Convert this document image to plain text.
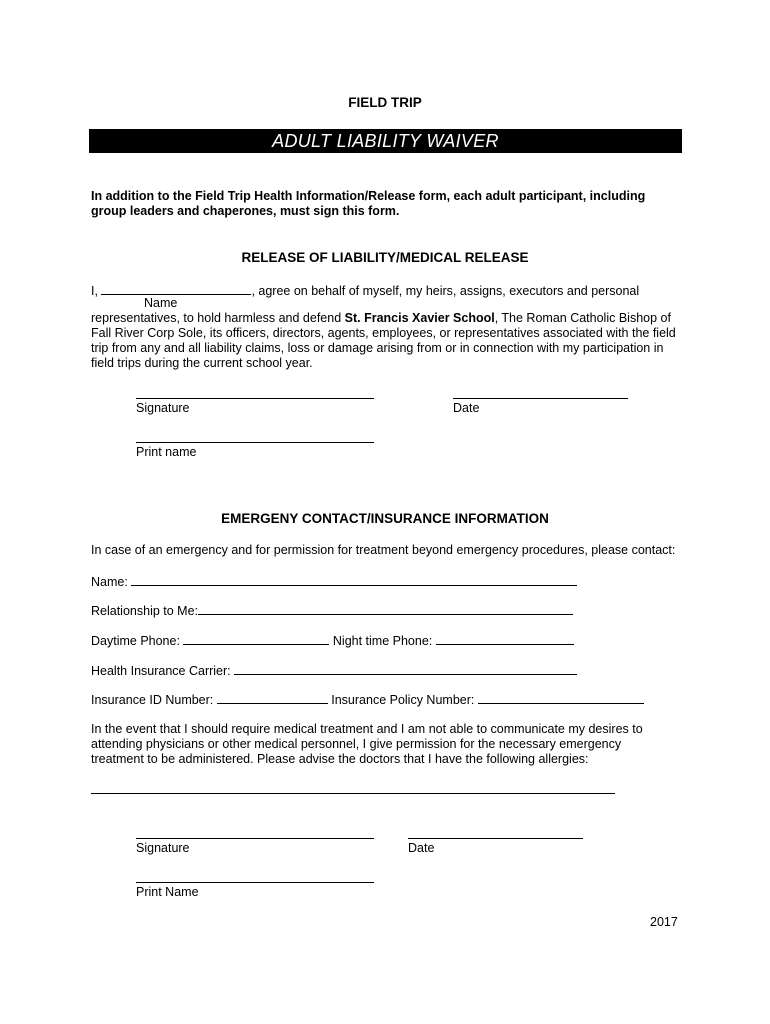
FIELD TRIP
ADULT LIABILITY WAIVER
In addition to the Field Trip Health Information/Release form, each adult participant, including
group leaders and chaperones, must sign this form.
RELEASE OF LIABILITY/MEDICAL RELEASE
I,	, agree on behalf of myself, my heirs, assigns, executors and personal
Name
representatives, to hold harmless and defend St. Francis Xavier School, The Roman Catholic Bishop of
Fall River Corp Sole, its officers, directors, agents, employees, or representatives associated with the field
trip from any and all liability claims, loss or damage arising from or in connection with my participation in
field trips during the current school year.
Signature	Date
Print name
EMERGENY CONTACT/INSURANCE INFORMATION
In case of an emergency and for permission for treatment beyond emergency procedures, please contact:
Name:
Relationship to Me:
Daytime Phone:	Night time Phone:
Health Insurance Carrier:
Insurance ID Number:	Insurance Policy Number:
In the event that I should require medical treatment and I am not able to communicate my desires to
attending physicians or other medical personnel, I give permission for the necessary emergency
treatment to be administered. Please advise the doctors that I have the following allergies:
Signature	Date
Print Name
2017
